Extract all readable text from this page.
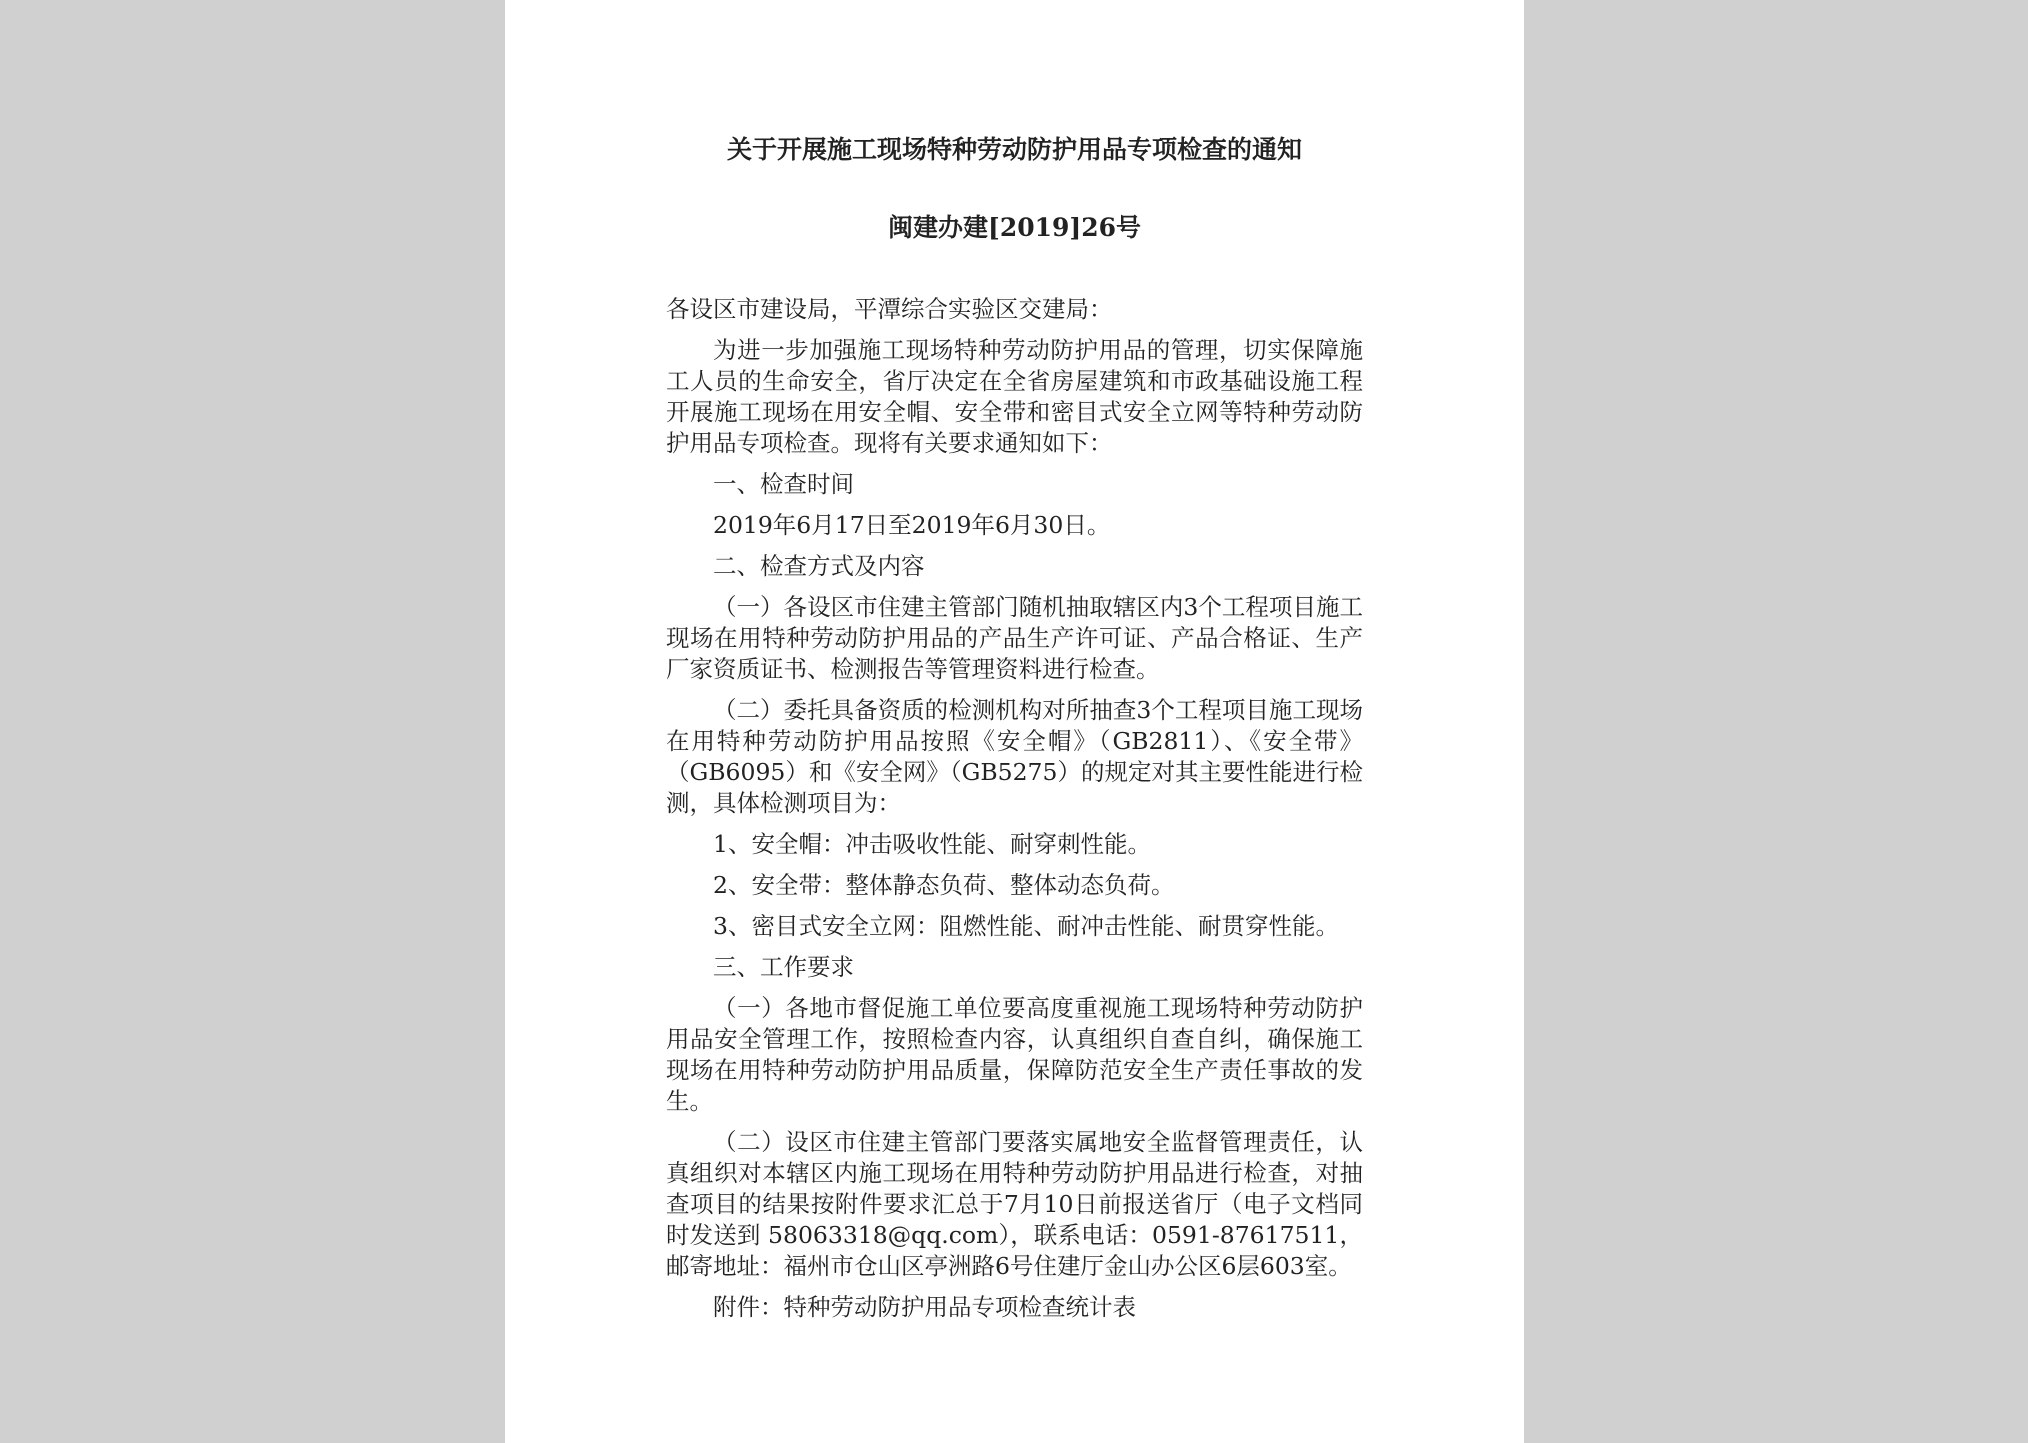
关于开展施工现场特种劳动防护用品专项检查的通知
闽建办建[2019]26号

各设区市建设局，平潭综合实验区交建局：

为进一步加强施工现场特种劳动防护用品的管理，切实保障施工人员的生命安全，省厅决定在全省房屋建筑和市政基础设施工程开展施工现场在用安全帽、安全带和密目式安全立网等特种劳动防护用品专项检查。现将有关要求通知如下：

一、检查时间

2019年6月17日至2019年6月30日。

二、检查方式及内容

（一）各设区市住建主管部门随机抽取辖区内3个工程项目施工现场在用特种劳动防护用品的产品生产许可证、产品合格证、生产厂家资质证书、检测报告等管理资料进行检查。

（二）委托具备资质的检测机构对所抽查3个工程项目施工现场在用特种劳动防护用品按照《安全帽》（GB2811）、《安全带》（GB6095）和《安全网》（GB5275）的规定对其主要性能进行检测，具体检测项目为：

1、安全帽：冲击吸收性能、耐穿刺性能。

2、安全带：整体静态负荷、整体动态负荷。

3、密目式安全立网：阻燃性能、耐冲击性能、耐贯穿性能。

三、工作要求

（一）各地市督促施工单位要高度重视施工现场特种劳动防护用品安全管理工作，按照检查内容，认真组织自查自纠，确保施工现场在用特种劳动防护用品质量，保障防范安全生产责任事故的发生。

（二）设区市住建主管部门要落实属地安全监督管理责任，认真组织对本辖区内施工现场在用特种劳动防护用品进行检查，对抽查项目的结果按附件要求汇总于7月10日前报送省厅（电子文档同时发送到 58063318@qq.com），联系电话：0591-87617511，邮寄地址：福州市仓山区亭洲路6号住建厅金山办公区6层603室。

附件：特种劳动防护用品专项检查统计表
